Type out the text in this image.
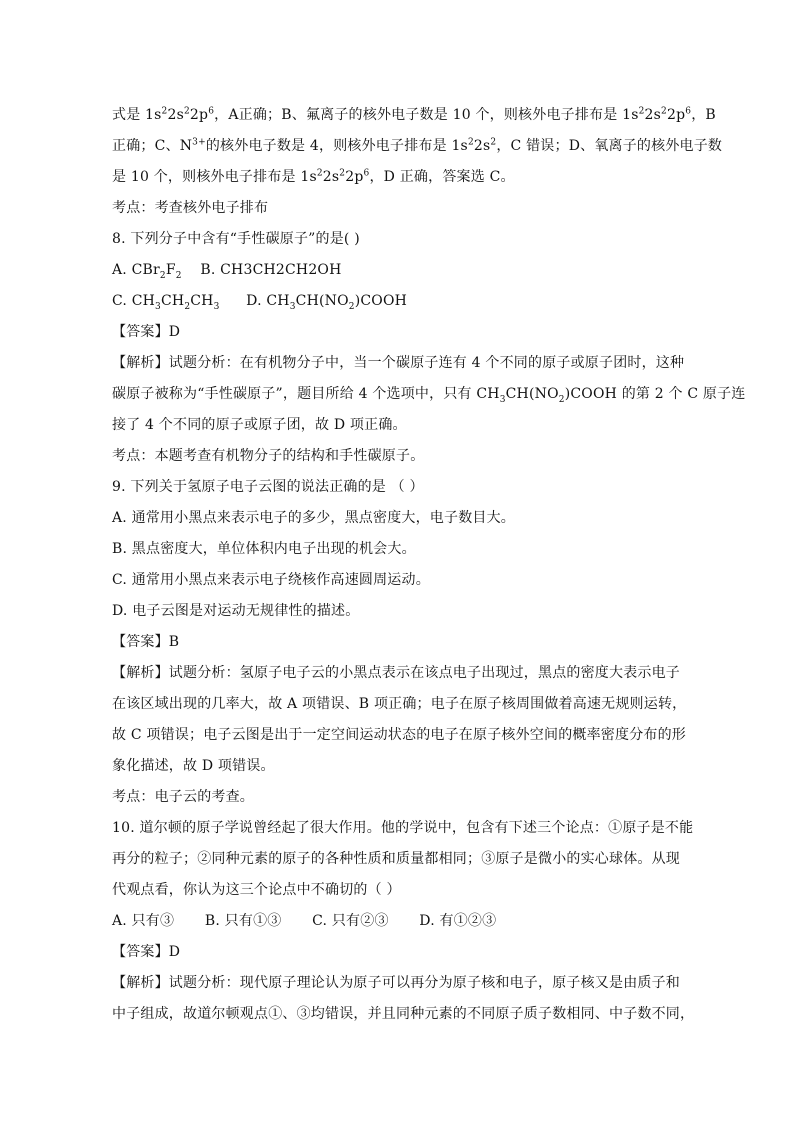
式是 $1s^22s^22p^6$，A正确；B、氟离子的核外电子数是 10 个，则核外电子排布是 $1s^22s^22p^6$，B
正确；C、$N^{3+}$的核外电子数是 4，则核外电子排布是 $1s^22s^2$，C 错误；D、氧离子的核外电子数
是 10 个，则核外电子排布是 $1s^22s^22p^6$，D 正确，答案选 C。
考点：考查核外电子排布
8. 下列分子中含有“手性碳原子”的是( )
A. $CBr_2F_2$ B. CH3CH2CH2OH
C. $CH_3CH_2CH_3$ D. $CH_3CH(NO_2)COOH$
【答案】D
【解析】试题分析：在有机物分子中，当一个碳原子连有 4 个不同的原子或原子团时，这种
碳原子被称为“手性碳原子”，题目所给 4 个选项中，只有 $CH_3CH(NO_2)COOH$ 的第 2 个 C 原子连
接了 4 个不同的原子或原子团，故 D 项正确。
考点：本题考查有机物分子的结构和手性碳原子。
9. 下列关于氢原子电子云图的说法正确的是 （ ）
A. 通常用小黑点来表示电子的多少，黑点密度大，电子数目大。
B. 黑点密度大，单位体积内电子出现的机会大。
C. 通常用小黑点来表示电子绕核作高速圆周运动。
D. 电子云图是对运动无规律性的描述。
【答案】B
【解析】试题分析：氢原子电子云的小黑点表示在该点电子出现过，黑点的密度大表示电子
在该区域出现的几率大，故 A 项错误、B 项正确；电子在原子核周围做着高速无规则运转，
故 C 项错误；电子云图是出于一定空间运动状态的电子在原子核外空间的概率密度分布的形
象化描述，故 D 项错误。
考点：电子云的考查。
10. 道尔顿的原子学说曾经起了很大作用。他的学说中，包含有下述三个论点：①原子是不能
再分的粒子；②同种元素的原子的各种性质和质量都相同；③原子是微小的实心球体。从现
代观点看，你认为这三个论点中不确切的（ ）
A. 只有③ B. 只有①③ C. 只有②③ D. 有①②③
【答案】D
【解析】试题分析：现代原子理论认为原子可以再分为原子核和电子，原子核又是由质子和
中子组成，故道尔顿观点①、③均错误，并且同种元素的不同原子质子数相同、中子数不同，
